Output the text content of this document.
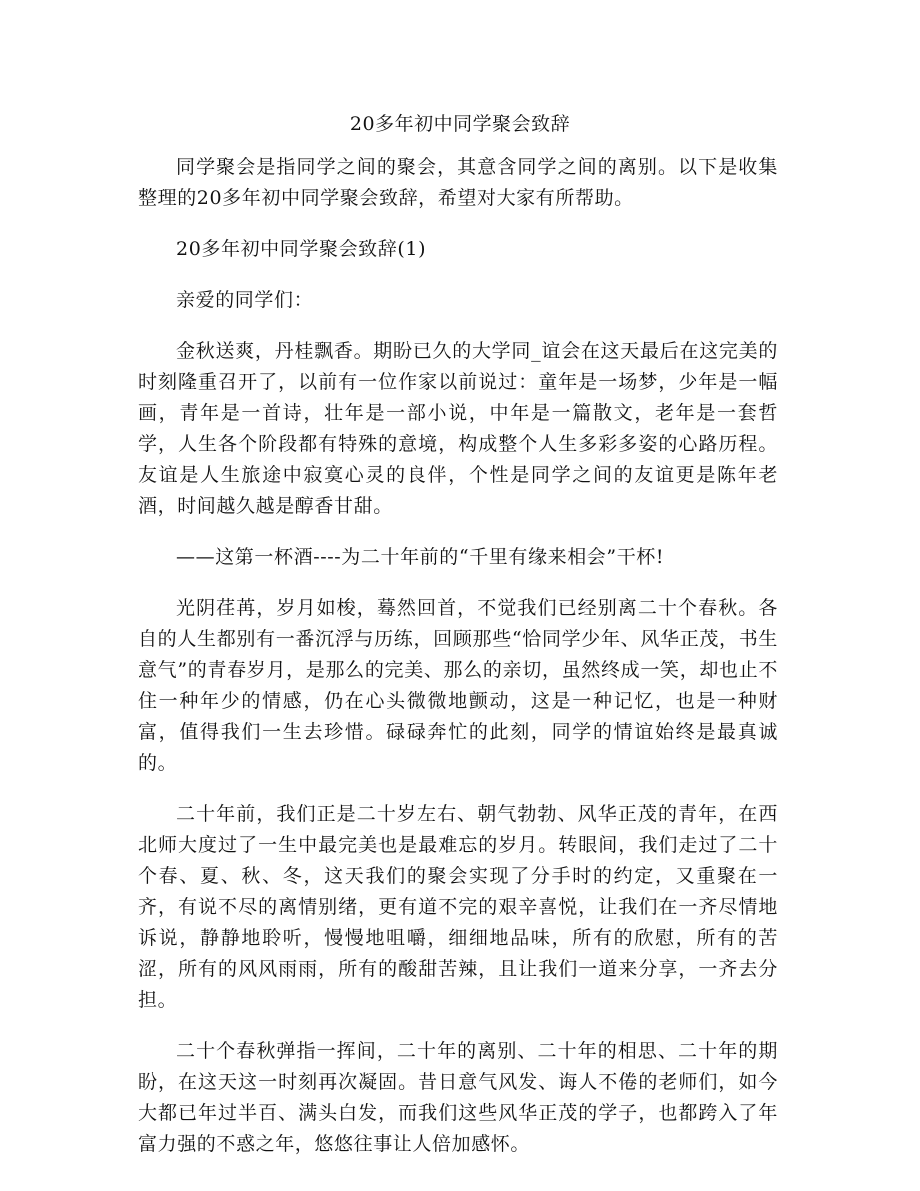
20多年初中同学聚会致辞

同学聚会是指同学之间的聚会，其意含同学之间的离别。以下是收集整理的20多年初中同学聚会致辞，希望对大家有所帮助。

20多年初中同学聚会致辞(1)

亲爱的同学们：

金秋送爽，丹桂飘香。期盼已久的大学同_谊会在这天最后在这完美的时刻隆重召开了，以前有一位作家以前说过：童年是一场梦，少年是一幅画，青年是一首诗，壮年是一部小说，中年是一篇散文，老年是一套哲学，人生各个阶段都有特殊的意境，构成整个人生多彩多姿的心路历程。友谊是人生旅途中寂寞心灵的良伴，个性是同学之间的友谊更是陈年老酒，时间越久越是醇香甘甜。

——这第一杯酒----为二十年前的“千里有缘来相会”干杯!

光阴荏苒，岁月如梭，蓦然回首，不觉我们已经别离二十个春秋。各自的人生都别有一番沉浮与历练，回顾那些“恰同学少年、风华正茂，书生意气”的青春岁月，是那么的完美、那么的亲切，虽然终成一笑，却也止不住一种年少的情感，仍在心头微微地颤动，这是一种记忆，也是一种财富，值得我们一生去珍惜。碌碌奔忙的此刻，同学的情谊始终是最真诚的。

二十年前，我们正是二十岁左右、朝气勃勃、风华正茂的青年，在西北师大度过了一生中最完美也是最难忘的岁月。转眼间，我们走过了二十个春、夏、秋、冬，这天我们的聚会实现了分手时的约定，又重聚在一齐，有说不尽的离情别绪，更有道不完的艰辛喜悦，让我们在一齐尽情地诉说，静静地聆听，慢慢地咀嚼，细细地品味，所有的欣慰，所有的苦涩，所有的风风雨雨，所有的酸甜苦辣，且让我们一道来分享，一齐去分担。

二十个春秋弹指一挥间，二十年的离别、二十年的相思、二十年的期盼，在这天这一时刻再次凝固。昔日意气风发、诲人不倦的老师们，如今大都已年过半百、满头白发，而我们这些风华正茂的学子，也都跨入了年富力强的不惑之年，悠悠往事让人倍加感怀。
